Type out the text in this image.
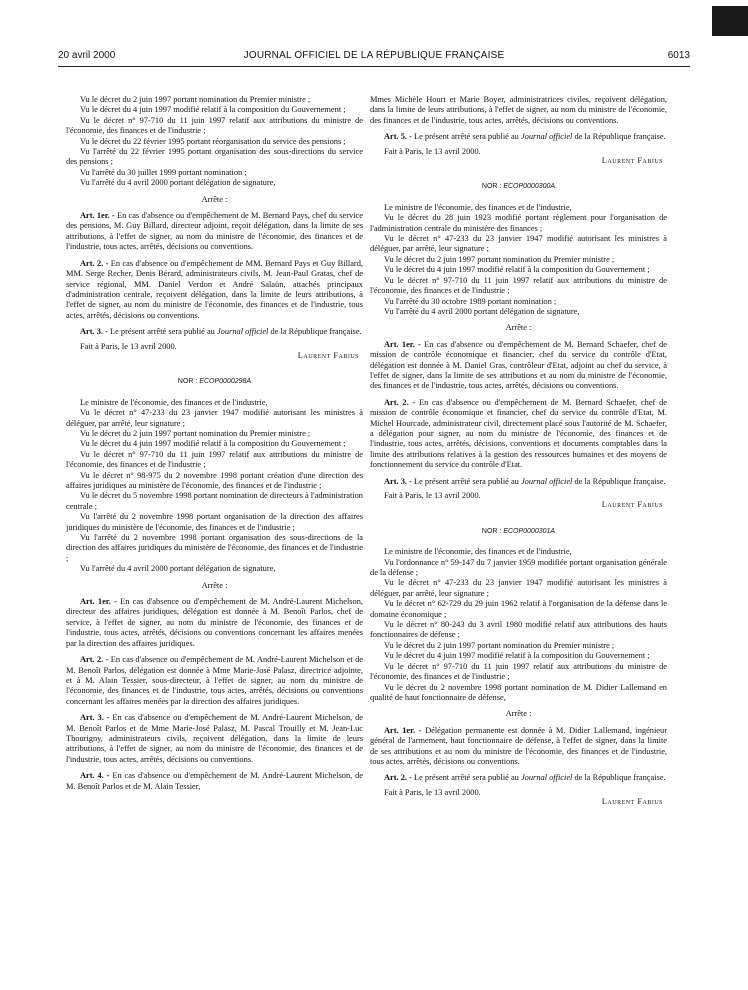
20 avril 2000	JOURNAL OFFICIEL DE LA RÉPUBLIQUE FRANÇAISE	6013

Vu le décret du 2 juin 1997 portant nomination du Premier ministre ;

Vu le décret du 4 juin 1997 modifié relatif à la composition du Gouvernement ;

Vu le décret n° 97-710 du 11 juin 1997 relatif aux attributions du ministre de l'économie, des finances et de l'industrie ;

Vu le décret du 22 février 1995 portant réorganisation du service des pensions ;

Vu l'arrêté du 22 février 1995 portant organisation des sous-directions du service des pensions ;

Vu l'arrêté du 30 juillet 1999 portant nomination ;

Vu l'arrêté du 4 avril 2000 portant délégation de signature,

Arrête :

Art. 1er. - En cas d'absence ou d'empêchement de M. Bernard Pays, chef du service des pensions, M. Guy Billard, directeur adjoint, reçoit délégation, dans la limite de ses attributions, à l'effet de signer, au nom du ministre de l'économie, des finances et de l'industrie, tous actes, arrêtés, décisions ou conventions.

Art. 2. - En cas d'absence ou d'empêchement de MM. Bernard Pays et Guy Billard, MM. Serge Recher, Denis Bérard, administrateurs civils, M. Jean-Paul Gratas, chef de service régional, MM. Daniel Verdon et André Salaün, attachés principaux d'administration centrale, reçoivent délégation, dans la limite de leurs attributions, à l'effet de signer, au nom du ministre de l'économie, des finances et de l'industrie, tous actes, arrêtés, décisions ou conventions.

Art. 3. - Le présent arrêté sera publié au Journal officiel de la République française.

Fait à Paris, le 13 avril 2000.

Laurent Fabius

NOR : ECOP0000298A

Le ministre de l'économie, des finances et de l'industrie,

Vu le décret n° 47-233 du 23 janvier 1947 modifié autorisant les ministres à déléguer, par arrêté, leur signature ;

Vu le décret du 2 juin 1997 portant nomination du Premier ministre ;

Vu le décret du 4 juin 1997 modifié relatif à la composition du Gouvernement ;

Vu le décret n° 97-710 du 11 juin 1997 relatif aux attributions du ministre de l'économie, des finances et de l'industrie ;

Vu le décret n° 98-975 du 2 novembre 1998 portant création d'une direction des affaires juridiques au ministère de l'économie, des finances et de l'industrie ;

Vu le décret du 5 novembre 1998 portant nomination de directeurs à l'administration centrale ;

Vu l'arrêté du 2 novembre 1998 portant organisation de la direction des affaires juridiques du ministère de l'économie, des finances et de l'industrie ;

Vu l'arrêté du 2 novembre 1998 portant organisation des sous-directions de la direction des affaires juridiques du ministère de l'économie, des finances et de l'industrie ;

Vu l'arrêté du 4 avril 2000 portant délégation de signature,

Arrête :

Art. 1er. - En cas d'absence ou d'empêchement de M. André-Laurent Michelson, directeur des affaires juridiques, délégation est donnée à M. Benoît Parlos, chef de service, à l'effet de signer, au nom du ministre de l'économie, des finances et de l'industrie, tous actes, arrêtés, décisions ou conventions concernant les affaires menées par la direction des affaires juridiques.

Art. 2. - En cas d'absence ou d'empêchement de M. André-Laurent Michelson et de M. Benoît Parlos, délégation est donnée à Mme Marie-José Palasz, directrice adjointe, et à M. Alain Tessier, sous-directeur, à l'effet de signer, au nom du ministre de l'économie, des finances et de l'industrie, tous actes, arrêtés, décisions ou conventions concernant les affaires menées par la direction des affaires juridiques.

Art. 3. - En cas d'absence ou d'empêchement de M. André-Laurent Michelson, de M. Benoît Parlos et de Mme Marie-José Palasz, M. Pascal Trouilly et M. Jean-Luc Thourigny, administrateurs civils, reçoivent délégation, dans la limite de leurs attributions, à l'effet de signer, au nom du ministre de l'économie, des finances et de l'industrie, tous actes, arrêtés, décisions ou conventions.

Art. 4. - En cas d'absence ou d'empêchement de M. André-Laurent Michelson, de M. Benoît Parlos et de M. Alain Tessier,

Mmes Michèle Hourt et Marie Boyer, administratrices civiles, reçoivent délégation, dans la limite de leurs attributions, à l'effet de signer, au nom du ministre de l'économie, des finances et de l'industrie, tous actes, arrêtés, décisions ou conventions.

Art. 5. - Le présent arrêté sera publié au Journal officiel de la République française.

Fait à Paris, le 13 avril 2000.

Laurent Fabius

NOR : ECOP0000300A

Le ministre de l'économie, des finances et de l'industrie,

Vu le décret du 28 juin 1923 modifié portant règlement pour l'organisation de l'administration centrale du ministère des finances ;

Vu le décret n° 47-233 du 23 janvier 1947 modifié autorisant les ministres à déléguer, par arrêté, leur signature ;

Vu le décret du 2 juin 1997 portant nomination du Premier ministre ;

Vu le décret du 4 juin 1997 modifié relatif à la composition du Gouvernement ;

Vu le décret n° 97-710 du 11 juin 1997 relatif aux attributions du ministre de l'économie, des finances et de l'industrie ;

Vu l'arrêté du 30 octobre 1989 portant nomination ;

Vu l'arrêté du 4 avril 2000 portant délégation de signature,

Arrête :

Art. 1er. - En cas d'absence ou d'empêchement de M. Bernard Schaefer, chef de mission de contrôle économique et financier, chef du service du contrôle d'Etat, délégation est donnée à M. Daniel Gras, contrôleur d'Etat, adjoint au chef du service, à l'effet de signer, dans la limite de ses attributions et au nom du ministre de l'économie, des finances et de l'industrie, tous actes, arrêtés, décisions ou conventions.

Art. 2. - En cas d'absence ou d'empêchement de M. Bernard Schaefer, chef de mission de contrôle économique et financier, chef du service du contrôle d'Etat, M. Michel Hourcade, administrateur civil, directement placé sous l'autorité de M. Schaefer, a délégation pour signer, au nom du ministre de l'économie, des finances et de l'industrie, tous actes, arrêtés, décisions, conventions et documents comptables dans la limite des attributions relatives à la gestion des ressources humaines et des moyens de fonctionnement du service du contrôle d'Etat.

Art. 3. - Le présent arrêté sera publié au Journal officiel de la République française.

Fait à Paris, le 13 avril 2000.

Laurent Fabius

NOR : ECOP0000301A

Le ministre de l'économie, des finances et de l'industrie,

Vu l'ordonnance n° 59-147 du 7 janvier 1959 modifiée portant organisation générale de la défense ;

Vu le décret n° 47-233 du 23 janvier 1947 modifié autorisant les ministres à déléguer, par arrêté, leur signature ;

Vu le décret n° 62-729 du 29 juin 1962 relatif à l'organisation de la défense dans le domaine économique ;

Vu le décret n° 80-243 du 3 avril 1980 modifié relatif aux attributions des hauts fonctionnaires de défense ;

Vu le décret du 2 juin 1997 portant nomination du Premier ministre ;

Vu le décret du 4 juin 1997 modifié relatif à la composition du Gouvernement ;

Vu le décret n° 97-710 du 11 juin 1997 relatif aux attributions du ministre de l'économie, des finances et de l'industrie ;

Vu le décret du 2 novembre 1998 portant nomination de M. Didier Lallemand en qualité de haut fonctionnaire de défense,

Arrête :

Art. 1er. - Délégation permanente est donnée à M. Didier Lallemand, ingénieur général de l'armement, haut fonctionnaire de défense, à l'effet de signer, dans la limite de ses attributions et au nom du ministre de l'économie, des finances et de l'industrie, tous actes, arrêtés, décisions ou conventions.

Art. 2. - Le présent arrêté sera publié au Journal officiel de la République française.

Fait à Paris, le 13 avril 2000.

Laurent Fabius
